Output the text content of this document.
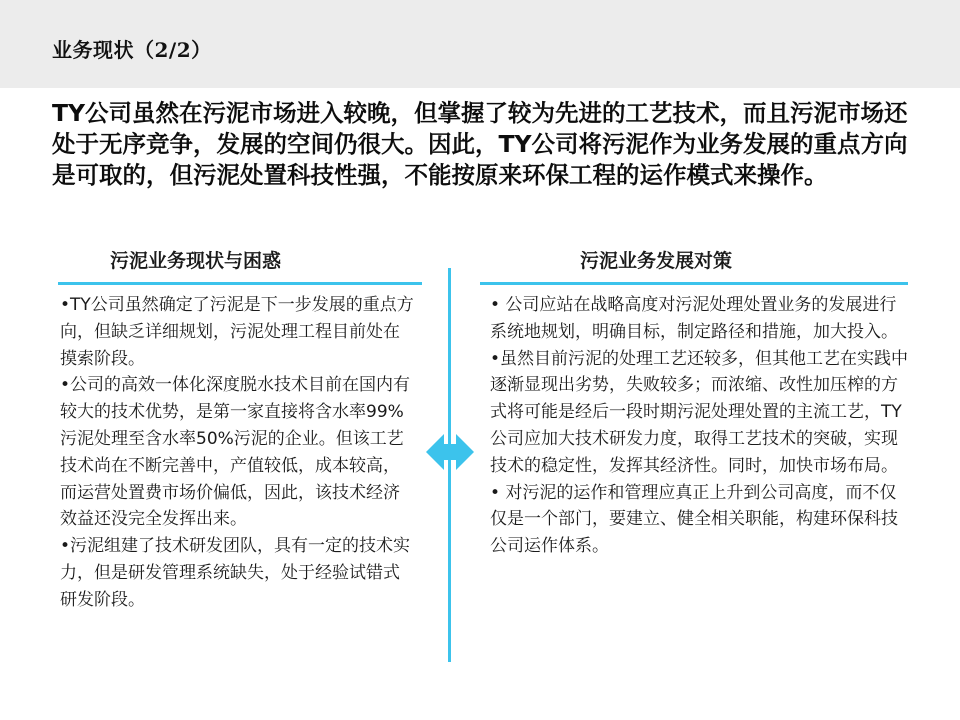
业务现状（2/2）
TY公司虽然在污泥市场进入较晚，但掌握了较为先进的工艺技术，而且污泥市场还处于无序竞争，发展的空间仍很大。因此，TY公司将污泥作为业务发展的重点方向是可取的，但污泥处置科技性强，不能按原来环保工程的运作模式来操作。
污泥业务现状与困惑	污泥业务发展对策

•TY公司虽然确定了污泥是下一步发展的重点方向，但缺乏详细规划，污泥处理工程目前处在摸索阶段。

•公司的高效一体化深度脱水技术目前在国内有较大的技术优势，是第一家直接将含水率99%污泥处理至含水率50%污泥的企业。但该工艺技术尚在不断完善中，产值较低，成本较高，而运营处置费市场价偏低，因此，该技术经济效益还没完全发挥出来。

•污泥组建了技术研发团队，具有一定的技术实力，但是研发管理系统缺失，处于经验试错式研发阶段。

• 公司应站在战略高度对污泥处理处置业务的发展进行系统地规划，明确目标，制定路径和措施，加大投入。

•虽然目前污泥的处理工艺还较多，但其他工艺在实践中逐渐显现出劣势，失败较多；而浓缩、改性加压榨的方式将可能是经后一段时期污泥处理处置的主流工艺，TY公司应加大技术研发力度，取得工艺技术的突破，实现技术的稳定性，发挥其经济性。同时，加快市场布局。

• 对污泥的运作和管理应真正上升到公司高度，而不仅仅是一个部门，要建立、健全相关职能，构建环保科技公司运作体系。
